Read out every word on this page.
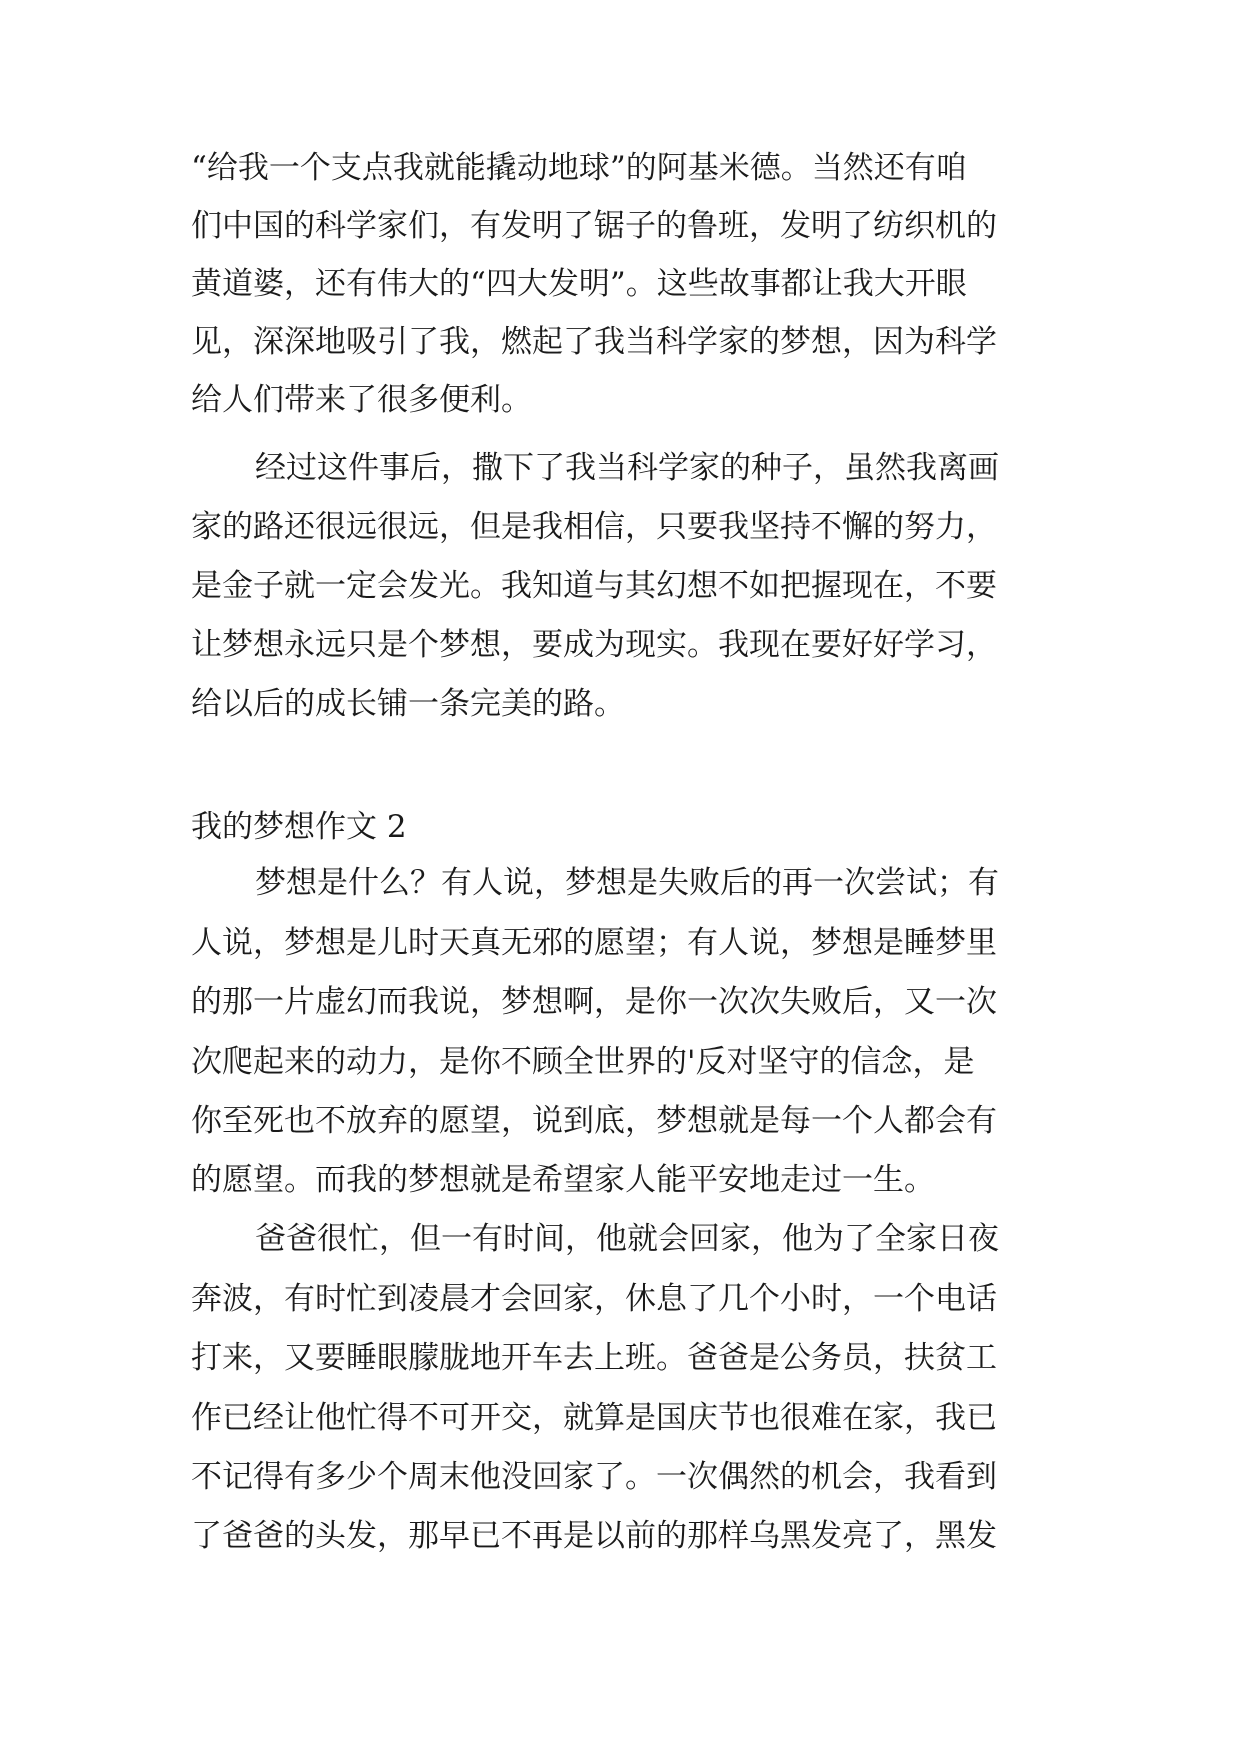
“给我一个支点我就能撬动地球”的阿基米德。当然还有咱
们中国的科学家们，有发明了锯子的鲁班，发明了纺织机的
黄道婆，还有伟大的“四大发明”。这些故事都让我大开眼
见，深深地吸引了我，燃起了我当科学家的梦想，因为科学
给人们带来了很多便利。
经过这件事后，撒下了我当科学家的种子，虽然我离画
家的路还很远很远，但是我相信，只要我坚持不懈的努力，
是金子就一定会发光。我知道与其幻想不如把握现在，不要
让梦想永远只是个梦想，要成为现实。我现在要好好学习，
给以后的成长铺一条完美的路。
我的梦想作文 2
梦想是什么？有人说，梦想是失败后的再一次尝试；有
人说，梦想是儿时天真无邪的愿望；有人说，梦想是睡梦里
的那一片虚幻而我说，梦想啊，是你一次次失败后，又一次
次爬起来的动力，是你不顾全世界的'反对坚守的信念，是
你至死也不放弃的愿望，说到底，梦想就是每一个人都会有
的愿望。而我的梦想就是希望家人能平安地走过一生。
爸爸很忙，但一有时间，他就会回家，他为了全家日夜
奔波，有时忙到凌晨才会回家，休息了几个小时，一个电话
打来，又要睡眼朦胧地开车去上班。爸爸是公务员，扶贫工
作已经让他忙得不可开交，就算是国庆节也很难在家，我已
不记得有多少个周末他没回家了。一次偶然的机会，我看到
了爸爸的头发，那早已不再是以前的那样乌黑发亮了，黑发
